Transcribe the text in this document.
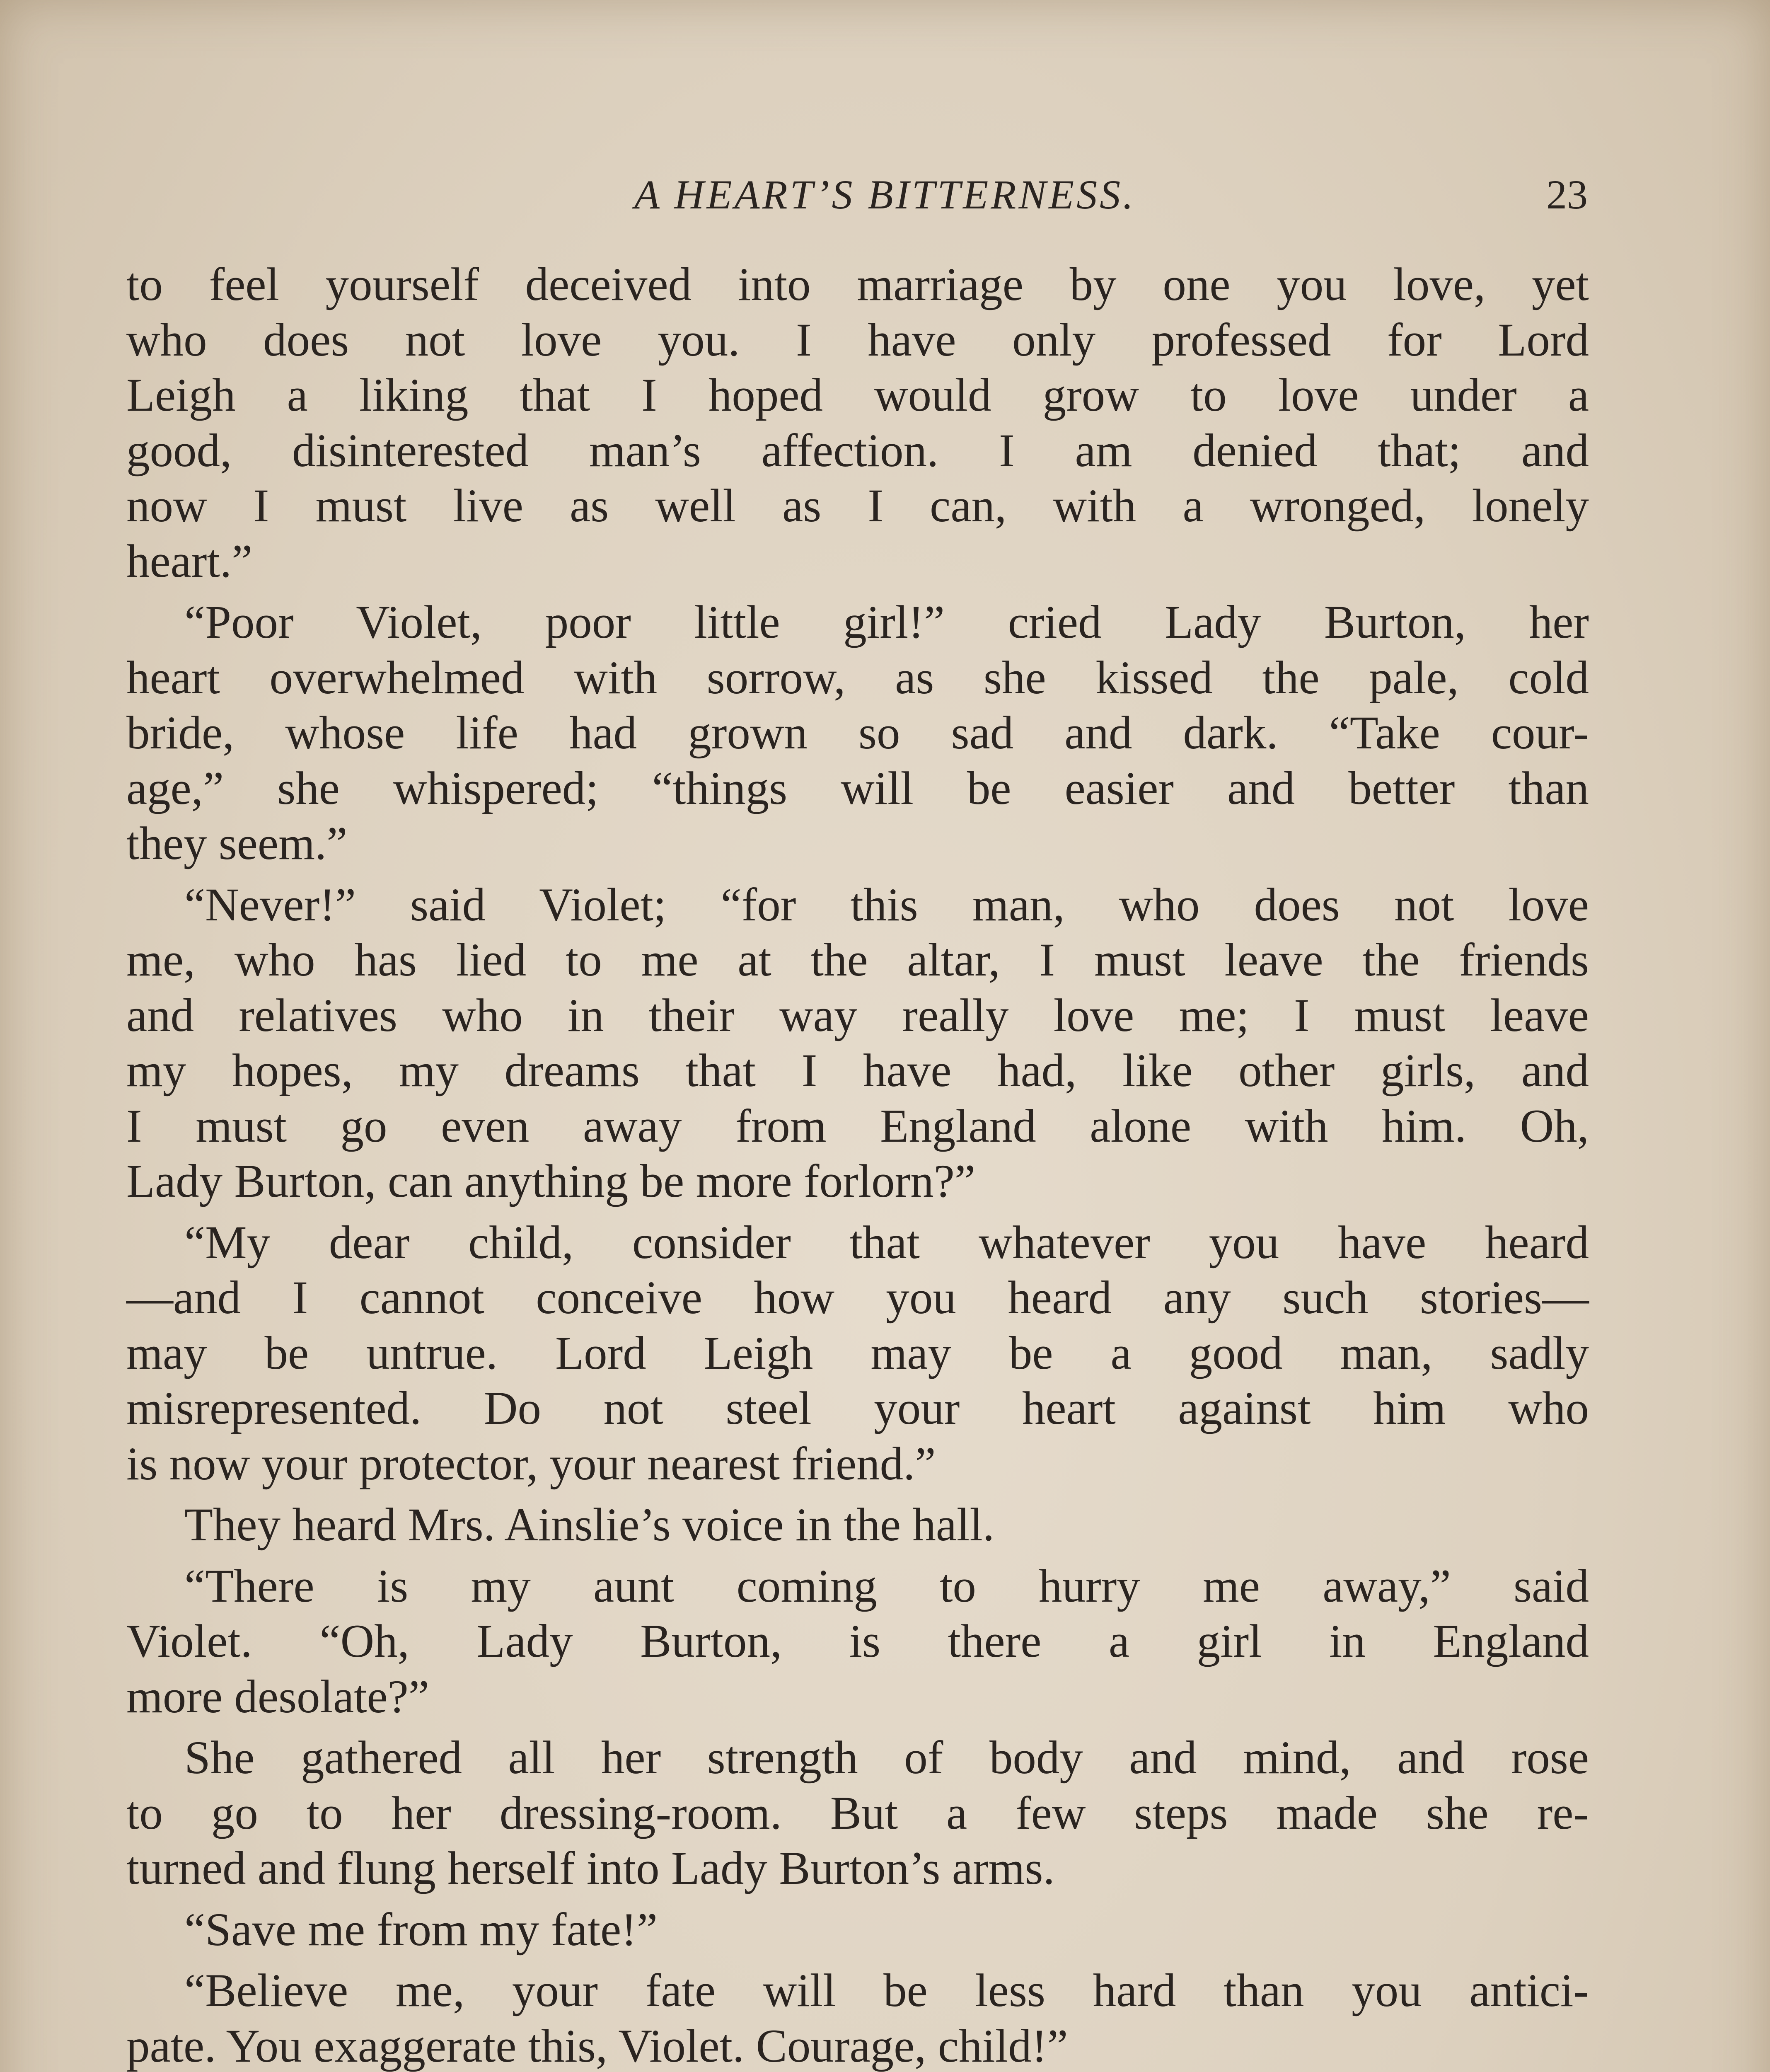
A HEART’S BITTERNESS.	23
to feel yourself deceived into marriage by one you love, yet
who does not love you. I have only professed for Lord
Leigh a liking that I hoped would grow to love under a
good, disinterested man’s affection. I am denied that; and
now I must live as well as I can, with a wronged, lonely
heart.”
“Poor Violet, poor little girl!” cried Lady Burton, her
heart overwhelmed with sorrow, as she kissed the pale, cold
bride, whose life had grown so sad and dark. “Take cour-
age,” she whispered; “things will be easier and better than
they seem.”
“Never!” said Violet; “for this man, who does not love
me, who has lied to me at the altar, I must leave the friends
and relatives who in their way really love me; I must leave
my hopes, my dreams that I have had, like other girls, and
I must go even away from England alone with him. Oh,
Lady Burton, can anything be more forlorn?”
“My dear child, consider that whatever you have heard
—and I cannot conceive how you heard any such stories—
may be untrue. Lord Leigh may be a good man, sadly
misrepresented. Do not steel your heart against him who
is now your protector, your nearest friend.”
They heard Mrs. Ainslie’s voice in the hall.
“There is my aunt coming to hurry me away,” said
Violet. “Oh, Lady Burton, is there a girl in England
more desolate?”
She gathered all her strength of body and mind, and rose
to go to her dressing-room. But a few steps made she re-
turned and flung herself into Lady Burton’s arms.
“Save me from my fate!”
“Believe me, your fate will be less hard than you antici-
pate. You exaggerate this, Violet. Courage, child!”
